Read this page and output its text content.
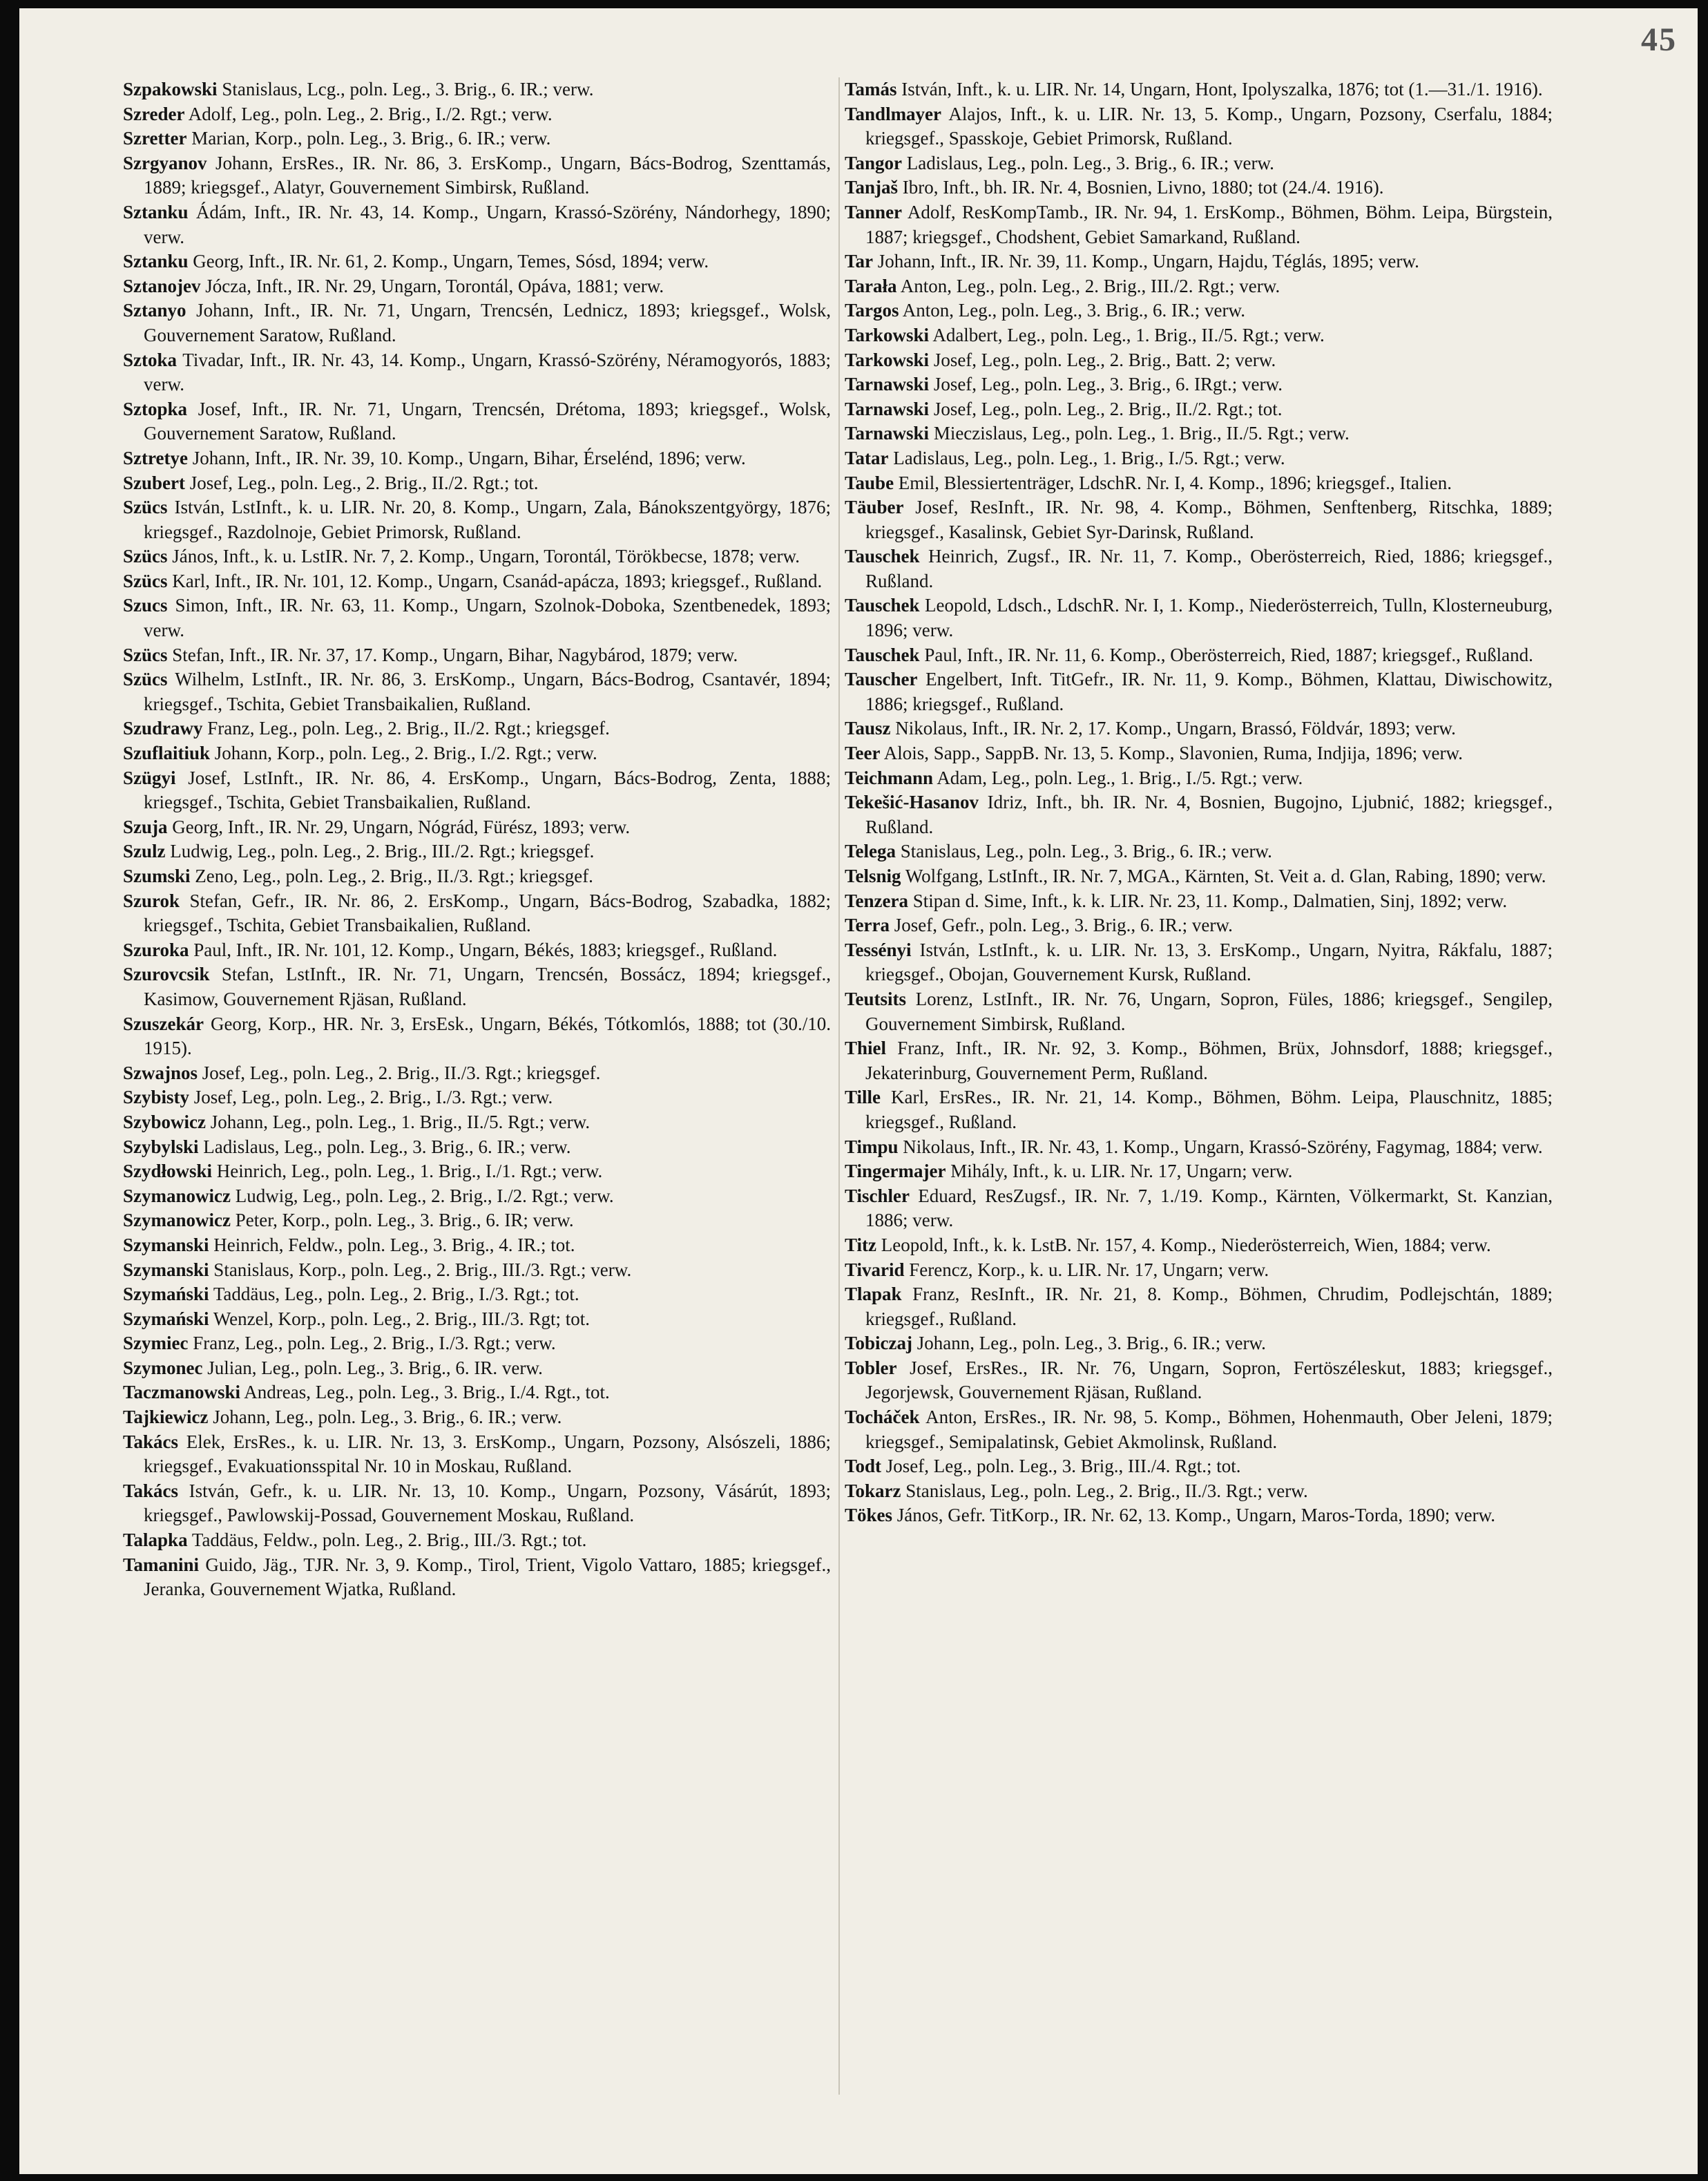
45

Szpakowski Stanislaus, Lcg., poln. Leg., 3. Brig., 6. IR.; verw.

Szreder Adolf, Leg., poln. Leg., 2. Brig., I./2. Rgt.; verw.

Szretter Marian, Korp., poln. Leg., 3. Brig., 6. IR.; verw.

Szrgyanov Johann, ErsRes., IR. Nr. 86, 3. ErsKomp., Ungarn, Bács-Bodrog, Szenttamás, 1889; kriegsgef., Alatyr, Gouvernement Simbirsk, Rußland.

Sztanku Ádám, Inft., IR. Nr. 43, 14. Komp., Ungarn, Krassó-Szörény, Nándorhegy, 1890; verw.

Sztanku Georg, Inft., IR. Nr. 61, 2. Komp., Ungarn, Temes, Sósd, 1894; verw.

Sztanojev Jócza, Inft., IR. Nr. 29, Ungarn, Torontál, Opáva, 1881; verw.

Sztanyo Johann, Inft., IR. Nr. 71, Ungarn, Trencsén, Lednicz, 1893; kriegsgef., Wolsk, Gouvernement Saratow, Rußland.

Sztoka Tivadar, Inft., IR. Nr. 43, 14. Komp., Ungarn, Krassó-Szörény, Néramogyorós, 1883; verw.

Sztopka Josef, Inft., IR. Nr. 71, Ungarn, Trencsén, Drétoma, 1893; kriegsgef., Wolsk, Gouvernement Saratow, Rußland.

Sztretye Johann, Inft., IR. Nr. 39, 10. Komp., Ungarn, Bihar, Érselénd, 1896; verw.

Szubert Josef, Leg., poln. Leg., 2. Brig., II./2. Rgt.; tot.

Szücs István, LstInft., k. u. LIR. Nr. 20, 8. Komp., Ungarn, Zala, Bánokszentgyörgy, 1876; kriegsgef., Razdolnoje, Gebiet Primorsk, Rußland.

Szücs János, Inft., k. u. LstIR. Nr. 7, 2. Komp., Ungarn, Torontál, Törökbecse, 1878; verw.

Szücs Karl, Inft., IR. Nr. 101, 12. Komp., Ungarn, Csanád-apácza, 1893; kriegsgef., Rußland.

Szucs Simon, Inft., IR. Nr. 63, 11. Komp., Ungarn, Szolnok-Doboka, Szentbenedek, 1893; verw.

Szücs Stefan, Inft., IR. Nr. 37, 17. Komp., Ungarn, Bihar, Nagybárod, 1879; verw.

Szücs Wilhelm, LstInft., IR. Nr. 86, 3. ErsKomp., Ungarn, Bács-Bodrog, Csantavér, 1894; kriegsgef., Tschita, Gebiet Transbaikalien, Rußland.

Szudrawy Franz, Leg., poln. Leg., 2. Brig., II./2. Rgt.; kriegsgef.

Szuflaitiuk Johann, Korp., poln. Leg., 2. Brig., I./2. Rgt.; verw.

Szügyi Josef, LstInft., IR. Nr. 86, 4. ErsKomp., Ungarn, Bács-Bodrog, Zenta, 1888; kriegsgef., Tschita, Gebiet Transbaikalien, Rußland.

Szuja Georg, Inft., IR. Nr. 29, Ungarn, Nógrád, Fürész, 1893; verw.

Szulz Ludwig, Leg., poln. Leg., 2. Brig., III./2. Rgt.; kriegsgef.

Szumski Zeno, Leg., poln. Leg., 2. Brig., II./3. Rgt.; kriegsgef.

Szurok Stefan, Gefr., IR. Nr. 86, 2. ErsKomp., Ungarn, Bács-Bodrog, Szabadka, 1882; kriegsgef., Tschita, Gebiet Transbaikalien, Rußland.

Szuroka Paul, Inft., IR. Nr. 101, 12. Komp., Ungarn, Békés, 1883; kriegsgef., Rußland.

Szurovcsik Stefan, LstInft., IR. Nr. 71, Ungarn, Trencsén, Bossácz, 1894; kriegsgef., Kasimow, Gouvernement Rjäsan, Rußland.

Szuszekár Georg, Korp., HR. Nr. 3, ErsEsk., Ungarn, Békés, Tótkomlós, 1888; tot (30./10. 1915).

Szwajnos Josef, Leg., poln. Leg., 2. Brig., II./3. Rgt.; kriegsgef.

Szybisty Josef, Leg., poln. Leg., 2. Brig., I./3. Rgt.; verw.

Szybowicz Johann, Leg., poln. Leg., 1. Brig., II./5. Rgt.; verw.

Szybylski Ladislaus, Leg., poln. Leg., 3. Brig., 6. IR.; verw.

Szydłowski Heinrich, Leg., poln. Leg., 1. Brig., I./1. Rgt.; verw.

Szymanowicz Ludwig, Leg., poln. Leg., 2. Brig., I./2. Rgt.; verw.

Szymanowicz Peter, Korp., poln. Leg., 3. Brig., 6. IR; verw.

Szymanski Heinrich, Feldw., poln. Leg., 3. Brig., 4. IR.; tot.

Szymanski Stanislaus, Korp., poln. Leg., 2. Brig., III./3. Rgt.; verw.

Szymański Taddäus, Leg., poln. Leg., 2. Brig., I./3. Rgt.; tot.

Szymański Wenzel, Korp., poln. Leg., 2. Brig., III./3. Rgt; tot.

Szymiec Franz, Leg., poln. Leg., 2. Brig., I./3. Rgt.; verw.

Szymonec Julian, Leg., poln. Leg., 3. Brig., 6. IR. verw.

Taczmanowski Andreas, Leg., poln. Leg., 3. Brig., I./4. Rgt., tot.

Tajkiewicz Johann, Leg., poln. Leg., 3. Brig., 6. IR.; verw.

Takács Elek, ErsRes., k. u. LIR. Nr. 13, 3. ErsKomp., Ungarn, Pozsony, Alsószeli, 1886; kriegsgef., Evakuationsspital Nr. 10 in Moskau, Rußland.

Takács István, Gefr., k. u. LIR. Nr. 13, 10. Komp., Ungarn, Pozsony, Vásárút, 1893; kriegsgef., Pawlowskij-Possad, Gouvernement Moskau, Rußland.

Talapka Taddäus, Feldw., poln. Leg., 2. Brig., III./3. Rgt.; tot.

Tamanini Guido, Jäg., TJR. Nr. 3, 9. Komp., Tirol, Trient, Vigolo Vattaro, 1885; kriegsgef., Jeranka, Gouvernement Wjatka, Rußland.

Tamás István, Inft., k. u. LIR. Nr. 14, Ungarn, Hont, Ipolyszalka, 1876; tot (1.—31./1. 1916).

Tandlmayer Alajos, Inft., k. u. LIR. Nr. 13, 5. Komp., Ungarn, Pozsony, Cserfalu, 1884; kriegsgef., Spasskoje, Gebiet Primorsk, Rußland.

Tangor Ladislaus, Leg., poln. Leg., 3. Brig., 6. IR.; verw.

Tanjaš Ibro, Inft., bh. IR. Nr. 4, Bosnien, Livno, 1880; tot (24./4. 1916).

Tanner Adolf, ResKompTamb., IR. Nr. 94, 1. ErsKomp., Böhmen, Böhm. Leipa, Bürgstein, 1887; kriegsgef., Chodshent, Gebiet Samarkand, Rußland.

Tar Johann, Inft., IR. Nr. 39, 11. Komp., Ungarn, Hajdu, Téglás, 1895; verw.

Tarała Anton, Leg., poln. Leg., 2. Brig., III./2. Rgt.; verw.

Targos Anton, Leg., poln. Leg., 3. Brig., 6. IR.; verw.

Tarkowski Adalbert, Leg., poln. Leg., 1. Brig., II./5. Rgt.; verw.

Tarkowski Josef, Leg., poln. Leg., 2. Brig., Batt. 2; verw.

Tarnawski Josef, Leg., poln. Leg., 3. Brig., 6. IRgt.; verw.

Tarnawski Josef, Leg., poln. Leg., 2. Brig., II./2. Rgt.; tot.

Tarnawski Mieczislaus, Leg., poln. Leg., 1. Brig., II./5. Rgt.; verw.

Tatar Ladislaus, Leg., poln. Leg., 1. Brig., I./5. Rgt.; verw.

Taube Emil, Blessiertenträger, LdschR. Nr. I, 4. Komp., 1896; kriegsgef., Italien.

Täuber Josef, ResInft., IR. Nr. 98, 4. Komp., Böhmen, Senftenberg, Ritschka, 1889; kriegsgef., Kasalinsk, Gebiet Syr-Darinsk, Rußland.

Tauschek Heinrich, Zugsf., IR. Nr. 11, 7. Komp., Oberösterreich, Ried, 1886; kriegsgef., Rußland.

Tauschek Leopold, Ldsch., LdschR. Nr. I, 1. Komp., Niederösterreich, Tulln, Klosterneuburg, 1896; verw.

Tauschek Paul, Inft., IR. Nr. 11, 6. Komp., Oberösterreich, Ried, 1887; kriegsgef., Rußland.

Tauscher Engelbert, Inft. TitGefr., IR. Nr. 11, 9. Komp., Böhmen, Klattau, Diwischowitz, 1886; kriegsgef., Rußland.

Tausz Nikolaus, Inft., IR. Nr. 2, 17. Komp., Ungarn, Brassó, Földvár, 1893; verw.

Teer Alois, Sapp., SappB. Nr. 13, 5. Komp., Slavonien, Ruma, Indjija, 1896; verw.

Teichmann Adam, Leg., poln. Leg., 1. Brig., I./5. Rgt.; verw.

Tekešić-Hasanov Idriz, Inft., bh. IR. Nr. 4, Bosnien, Bugojno, Ljubnić, 1882; kriegsgef., Rußland.

Telega Stanislaus, Leg., poln. Leg., 3. Brig., 6. IR.; verw.

Telsnig Wolfgang, LstInft., IR. Nr. 7, MGA., Kärnten, St. Veit a. d. Glan, Rabing, 1890; verw.

Tenzera Stipan d. Sime, Inft., k. k. LIR. Nr. 23, 11. Komp., Dalmatien, Sinj, 1892; verw.

Terra Josef, Gefr., poln. Leg., 3. Brig., 6. IR.; verw.

Tessényi István, LstInft., k. u. LIR. Nr. 13, 3. ErsKomp., Ungarn, Nyitra, Rákfalu, 1887; kriegsgef., Obojan, Gouvernement Kursk, Rußland.

Teutsits Lorenz, LstInft., IR. Nr. 76, Ungarn, Sopron, Füles, 1886; kriegsgef., Sengilep, Gouvernement Simbirsk, Rußland.

Thiel Franz, Inft., IR. Nr. 92, 3. Komp., Böhmen, Brüx, Johnsdorf, 1888; kriegsgef., Jekaterinburg, Gouvernement Perm, Rußland.

Tille Karl, ErsRes., IR. Nr. 21, 14. Komp., Böhmen, Böhm. Leipa, Plauschnitz, 1885; kriegsgef., Rußland.

Timpu Nikolaus, Inft., IR. Nr. 43, 1. Komp., Ungarn, Krassó-Szörény, Fagymag, 1884; verw.

Tingermajer Mihály, Inft., k. u. LIR. Nr. 17, Ungarn; verw.

Tischler Eduard, ResZugsf., IR. Nr. 7, 1./19. Komp., Kärnten, Völkermarkt, St. Kanzian, 1886; verw.

Titz Leopold, Inft., k. k. LstB. Nr. 157, 4. Komp., Niederösterreich, Wien, 1884; verw.

Tivarid Ferencz, Korp., k. u. LIR. Nr. 17, Ungarn; verw.

Tlapak Franz, ResInft., IR. Nr. 21, 8. Komp., Böhmen, Chrudim, Podlejschtán, 1889; kriegsgef., Rußland.

Tobiczaj Johann, Leg., poln. Leg., 3. Brig., 6. IR.; verw.

Tobler Josef, ErsRes., IR. Nr. 76, Ungarn, Sopron, Fertöszéleskut, 1883; kriegsgef., Jegorjewsk, Gouvernement Rjäsan, Rußland.

Tocháček Anton, ErsRes., IR. Nr. 98, 5. Komp., Böhmen, Hohenmauth, Ober Jeleni, 1879; kriegsgef., Semipalatinsk, Gebiet Akmolinsk, Rußland.

Todt Josef, Leg., poln. Leg., 3. Brig., III./4. Rgt.; tot.

Tokarz Stanislaus, Leg., poln. Leg., 2. Brig., II./3. Rgt.; verw.

Tökes János, Gefr. TitKorp., IR. Nr. 62, 13. Komp., Ungarn, Maros-Torda, 1890; verw.
